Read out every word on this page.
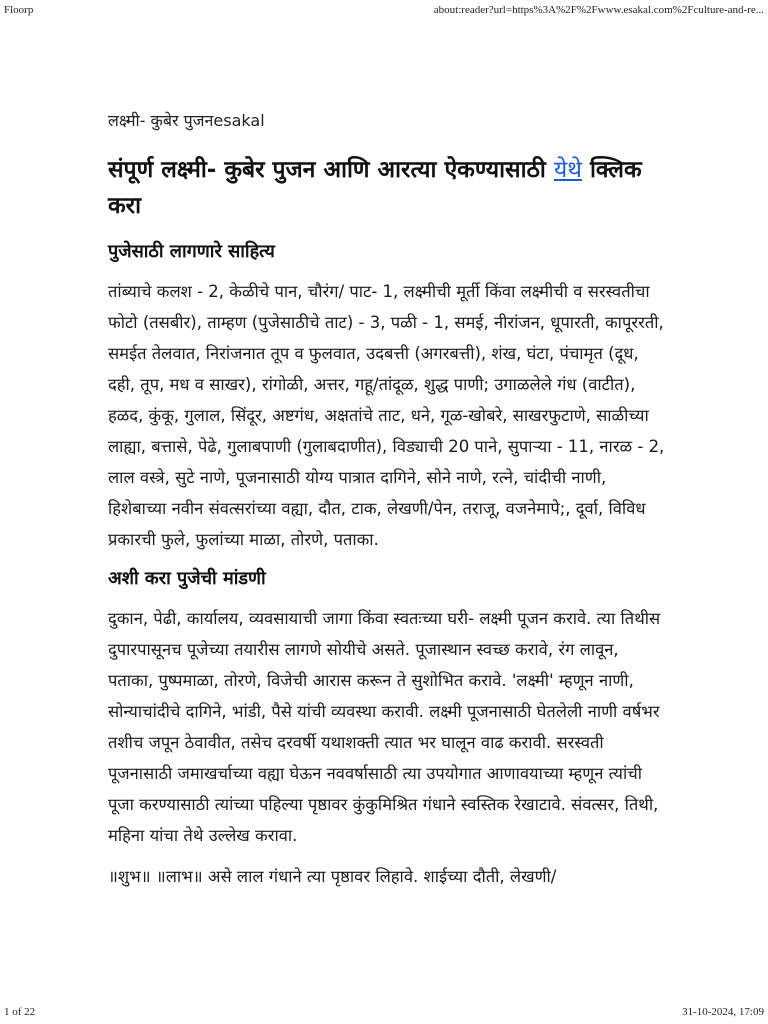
Floorp	about:reader?url=https%3A%2F%2Fwww.esakal.com%2Fculture-and-re...
लक्ष्मी- कुबेर पुजनesakal
संपूर्ण लक्ष्मी- कुबेर पुजन आणि आरत्या ऐकण्यासाठी येथे क्लिक करा
पुजेसाठी लागणारे साहित्य

तांब्याचे कलश - 2, केळीचे पान, चौरंग/ पाट- 1, लक्ष्मीची मूर्ती किंवा लक्ष्मीची व सरस्वतीचा फोटो (तसबीर), ताम्हण (पुजेसाठीचे ताट) - 3, पळी - 1, समई, नीरांजन, धूपारती, कापूररती, समईत तेलवात, निरांजनात तूप व फुलवात, उदबत्ती (अगरबत्ती), शंख, घंटा, पंचामृत (दूध, दही, तूप, मध व साखर), रांगोळी, अत्तर, गहू/तांदूळ, शुद्ध पाणी; उगाळलेले गंध (वाटीत), हळद, कुंकू, गुलाल, सिंदूर, अष्टगंध, अक्षतांचे ताट, धने, गूळ-खोबरे, साखरफुटाणे, साळीच्या लाह्या, बत्तासे, पेढे, गुलाबपाणी (गुलाबदाणीत), विड्याची 20 पाने, सुपाऱ्या - 11, नारळ - 2, लाल वस्त्रे, सुटे नाणे, पूजनासाठी योग्य पात्रात दागिने, सोने नाणे, रत्ने, चांदीची नाणी, हिशेबाच्या नवीन संवत्सरांच्या वह्या, दौत, टाक, लेखणी/पेन, तराजू, वजनेमापे;, दूर्वा, विविध प्रकारची फुले, फुलांच्या माळा, तोरणे, पताका.

अशी करा पुजेची मांडणी

दुकान, पेढी, कार्यालय, व्यवसायाची जागा किंवा स्वतःच्या घरी- लक्ष्मी पूजन करावे. त्या तिथीस दुपारपासूनच पूजेच्या तयारीस लागणे सोयीचे असते. पूजास्थान स्वच्छ करावे, रंग लावून, पताका, पुष्पमाळा, तोरणे, विजेची आरास करून ते सुशोभित करावे. 'लक्ष्मी' म्हणून नाणी, सोन्याचांदीचे दागिने, भांडी, पैसे यांची व्यवस्था करावी. लक्ष्मी पूजनासाठी घेतलेली नाणी वर्षभर तशीच जपून ठेवावीत, तसेच दरवर्षी यथाशक्ती त्यात भर घालून वाढ करावी. सरस्वती पूजनासाठी जमाखर्चाच्या वह्या घेऊन नववर्षासाठी त्या उपयोगात आणावयाच्या म्हणून त्यांची पूजा करण्यासाठी त्यांच्या पहिल्या पृष्ठावर कुंकुमिश्रित गंधाने स्वस्तिक रेखाटावे. संवत्सर, तिथी, महिना यांचा तेथे उल्लेख करावा.

॥शुभ॥ ॥लाभ॥ असे लाल गंधाने त्या पृष्ठावर लिहावे. शाईच्या दौती, लेखणी/

1 of 22	31-10-2024, 17:09
